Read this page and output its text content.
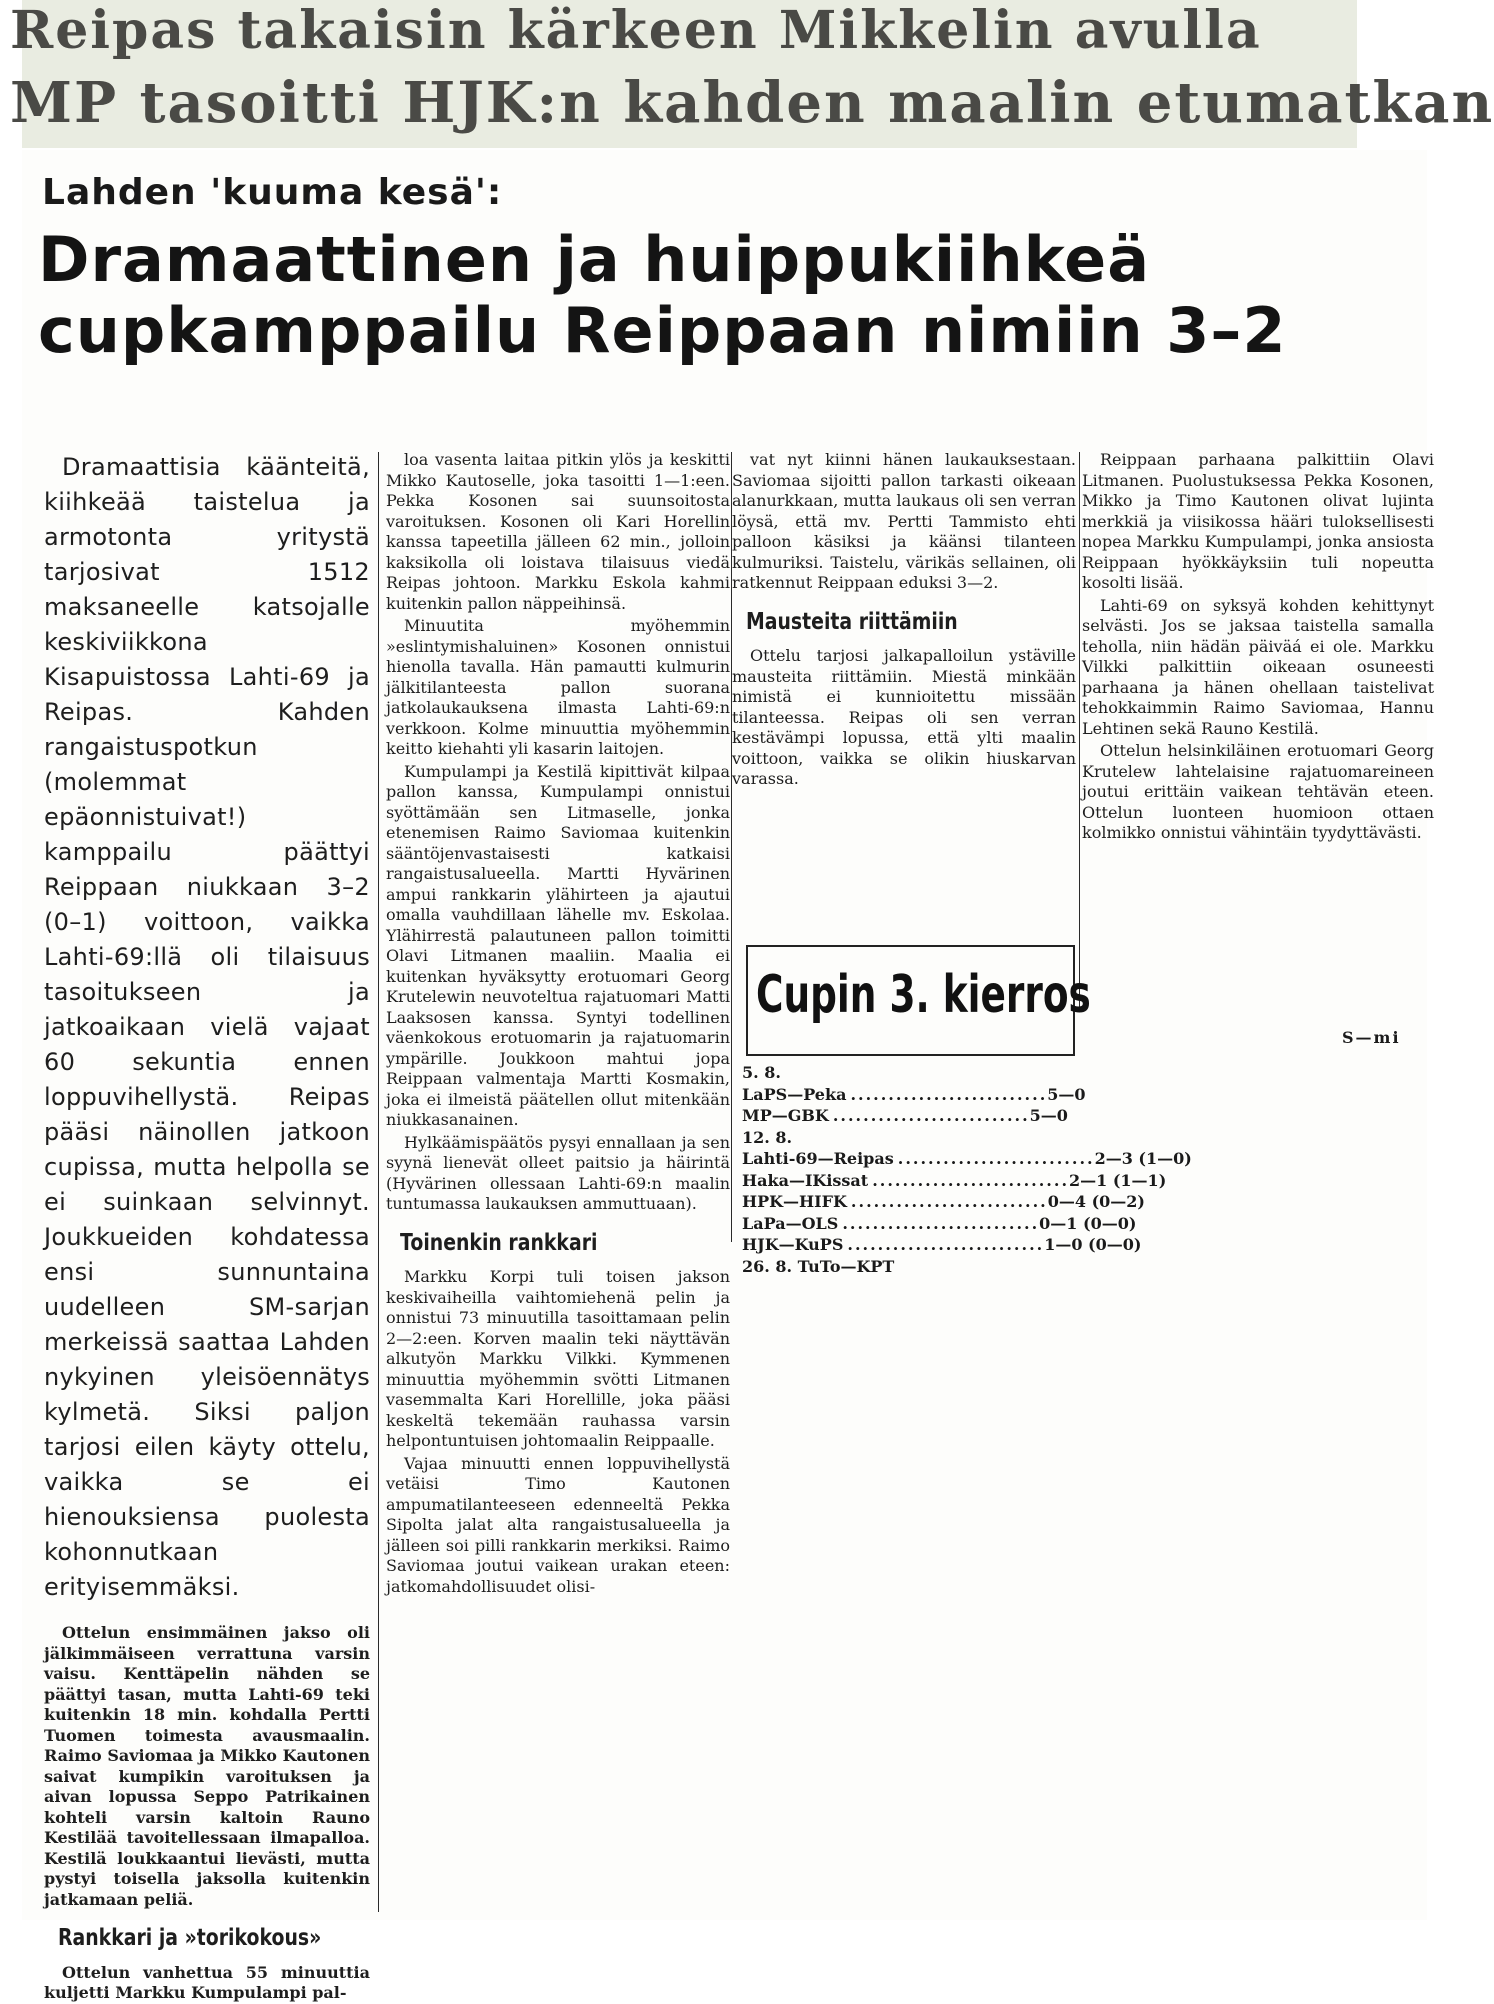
Reipas takaisin kärkeen Mikkelin avulla
MP tasoitti HJK:n kahden maalin etumatkan
Lahden 'kuuma kesä':
Dramaattinen ja huippukiihkeä
cupkamppailu Reippaan nimiin 3–2

Dramaattisia käänteitä, kiihkeää taistelua ja armotonta yritystä tarjosivat 1512 maksaneelle katsojalle keskiviikkona Kisapuistossa Lahti-69 ja Reipas. Kahden rangaistuspotkun (molemmat epäonnistuivat!) kamppailu päättyi Reippaan niukkaan 3–2 (0–1) voittoon, vaikka Lahti-69:llä oli tilaisuus tasoitukseen ja jatkoaikaan vielä vajaat 60 sekuntia ennen loppuvihellystä. Reipas pääsi näinollen jatkoon cupissa, mutta helpolla se ei suinkaan selvinnyt. Joukkueiden kohdatessa ensi sunnuntaina uudelleen SM-sarjan merkeissä saattaa Lahden nykyinen yleisöennätys kylmetä. Siksi paljon tarjosi eilen käyty ottelu, vaikka se ei hienouksiensa puolesta kohonnutkaan erityisemmäksi.

Ottelun ensimmäinen jakso oli jälkimmäiseen verrattuna varsin vaisu. Kenttäpelin nähden se päättyi tasan, mutta Lahti-69 teki kuitenkin 18 min. kohdalla Pertti Tuomen toimesta avausmaalin. Raimo Saviomaa ja Mikko Kautonen saivat kumpikin varoituksen ja aivan lopussa Seppo Patrikainen kohteli varsin kaltoin Rauno Kestilää tavoitellessaan ilmapalloa. Kestilä loukkaantui lievästi, mutta pystyi toisella jaksolla kuitenkin jatkamaan peliä.

Rankkari ja »torikokous»

Ottelun vanhettua 55 minuuttia kuljetti Markku Kumpulampi pal-

loa vasenta laitaa pitkin ylös ja keskitti Mikko Kautoselle, joka tasoitti 1—1:een. Pekka Kosonen sai suunsoitosta varoituksen. Kosonen oli Kari Horellin kanssa tapeetilla jälleen 62 min., jolloin kaksikolla oli loistava tilaisuus viedä Reipas johtoon. Markku Eskola kahmi kuitenkin pallon näppeihinsä.

Minuutita myöhemmin »eslintymishaluinen» Kosonen onnistui hienolla tavalla. Hän pamautti kulmurin jälkitilanteesta pallon suorana jatkolaukauksena ilmasta Lahti-69:n verkkoon. Kolme minuuttia myöhemmin keitto kiehahti yli kasarin laitojen.

Kumpulampi ja Kestilä kipittivät kilpaa pallon kanssa, Kumpulampi onnistui syöttämään sen Litmaselle, jonka etenemisen Raimo Saviomaa kuitenkin sääntöjenvastaisesti katkaisi rangaistusalueella. Martti Hyvärinen ampui rankkarin ylähirteen ja ajautui omalla vauhdillaan lähelle mv. Eskolaa. Ylähirrestä palautuneen pallon toimitti Olavi Litmanen maaliin. Maalia ei kuitenkan hyväksytty erotuomari Georg Krutelewin neuvoteltua rajatuomari Matti Laaksosen kanssa. Syntyi todellinen väenkokous erotuomarin ja rajatuomarin ympärille. Joukkoon mahtui jopa Reippaan valmentaja Martti Kosmakin, joka ei ilmeistä päätellen ollut mitenkään niukkasanainen.

Hylkäämispäätös pysyi ennallaan ja sen syynä lienevät olleet paitsio ja häirintä (Hyvärinen ollessaan Lahti-69:n maalin tuntumassa laukauksen ammuttuaan).

Toinenkin rankkari

Markku Korpi tuli toisen jakson keskivaiheilla vaihtomiehenä pelin ja onnistui 73 minuutilla tasoittamaan pelin 2—2:een. Korven maalin teki näyttävän alkutyön Markku Vilkki. Kymmenen minuuttia myöhemmin svötti Litmanen vasemmalta Kari Horellille, joka pääsi keskeltä tekemään rauhassa varsin helpontuntuisen johtomaalin Reippaalle.

Vajaa minuutti ennen loppuvihellystä vetäisi Timo Kautonen ampumatilanteeseen edenneeltä Pekka Sipolta jalat alta rangaistusalueella ja jälleen soi pilli rankkarin merkiksi. Raimo Saviomaa joutui vaikean urakan eteen: jatkomahdollisuudet olisi-

vat nyt kiinni hänen laukauksestaan. Saviomaa sijoitti pallon tarkasti oikeaan alanurkkaan, mutta laukaus oli sen verran löysä, että mv. Pertti Tammisto ehti palloon käsiksi ja käänsi tilanteen kulmuriksi. Taistelu, värikäs sellainen, oli ratkennut Reippaan eduksi 3—2.

Mausteita riittämiin

Ottelu tarjosi jalkapalloilun ystäville mausteita riittämiin. Miestä minkään nimistä ei kunnioitettu missään tilanteessa. Reipas oli sen verran kestävämpi lopussa, että ylti maalin voittoon, vaikka se olikin hiuskarvan varassa.

Reippaan parhaana palkittiin Olavi Litmanen. Puolustuksessa Pekka Kosonen, Mikko ja Timo Kautonen olivat lujinta merkkiä ja viisikossa hääri tuloksellisesti nopea Markku Kumpulampi, jonka ansiosta Reippaan hyökkäyksiin tuli nopeutta kosolti lisää.

Lahti-69 on syksyä kohden kehittynyt selvästi. Jos se jaksaa taistella samalla teholla, niin hädän päiväá ei ole. Markku Vilkki palkittiin oikeaan osuneesti parhaana ja hänen ohellaan taistelivat tehokkaimmin Raimo Saviomaa, Hannu Lehtinen sekä Rauno Kestilä.

Ottelun helsinkiläinen erotuomari Georg Krutelew lahtelaisine rajatuomareineen joutui erittäin vaikean tehtävän eteen. Ottelun luonteen huomioon ottaen kolmikko onnistui vähintäin tyydyttävästi.

S—mi
Cupin 3. kierros
5. 8.
LaPS—Peka .......................... 5—0
MP—GBK .......................... 5—0
12. 8.
Lahti-69—Reipas .......................... 2—3 (1—0)
Haka—IKissat .......................... 2—1 (1—1)
HPK—HIFK .......................... 0—4 (0—2)
LaPa—OLS .......................... 0—1 (0—0)
HJK—KuPS .......................... 1—0 (0—0)
26. 8. TuTo—KPT
